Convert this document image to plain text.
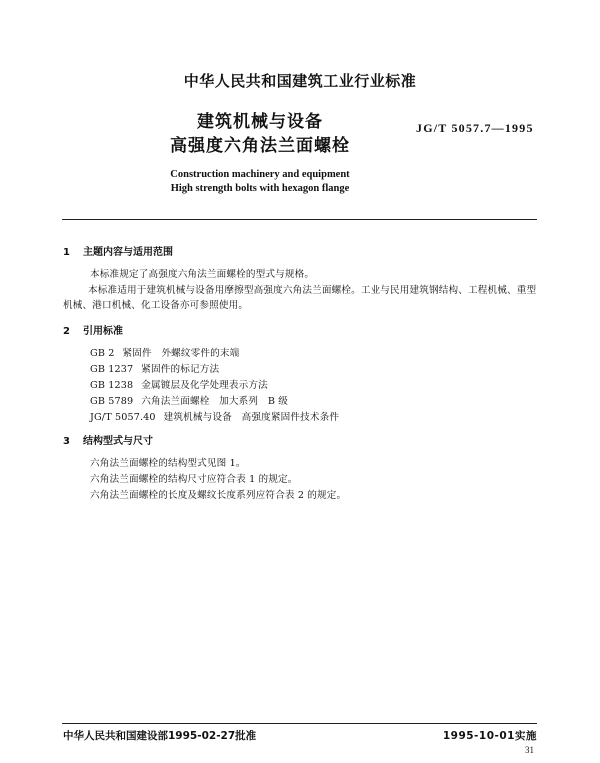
中华人民共和国建筑工业行业标准
建筑机械与设备
高强度六角法兰面螺栓
JG/T 5057.7—1995
Construction machinery and equipment
High strength bolts with hexagon flange
1 主题内容与适用范围
本标准规定了高强度六角法兰面螺栓的型式与规格。
本标准适用于建筑机械与设备用摩擦型高强度六角法兰面螺栓。工业与民用建筑钢结构、工程机械、重型机械、港口机械、化工设备亦可参照使用。
2 引用标准
GB 2 紧固件　外螺纹零件的末端
GB 1237 紧固件的标记方法
GB 1238 金属镀层及化学处理表示方法
GB 5789 六角法兰面螺栓　加大系列　B 级
JG/T 5057.40 建筑机械与设备　高强度紧固件技术条件
3 结构型式与尺寸
六角法兰面螺栓的结构型式见图 1。
六角法兰面螺栓的结构尺寸应符合表 1 的规定。
六角法兰面螺栓的长度及螺纹长度系列应符合表 2 的规定。
中华人民共和国建设部1995-02-27批准	1995-10-01实施
31
